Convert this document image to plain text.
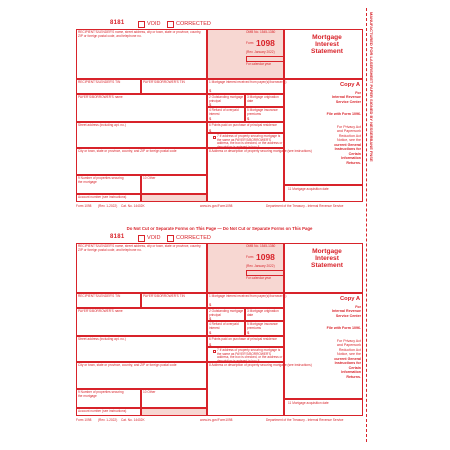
MANUFACTURED FOR LASERSHEET PAPER SIGNED BY NESSERBANE FNSE
Do Not Cut or Separate Forms on This Page — Do Not Cut or Separate Forms on This Page
8181	VOID	CORRECTED
RECIPIENT'S/LENDER'S name, street address, city or town, state or province, country, ZIP or foreign postal code, and telephone no.
OMB No. 1545-1380
Form 1098
(Rev. January 2022)
For calendar year
1 Mortgage interest received from payer(s)/borrower(s)
$
RECIPIENT'S/LENDER'S TIN	PAYER'S/BORROWER'S TIN
2 Outstanding mortgage principal
$
3 Mortgage origination date
PAYER'S/BORROWER'S name
4 Refund of overpaid interest
$
5 Mortgage insurance premiums
$
6 Points paid on purchase of principal residence
$
Street address (including apt. no.)
7 If address of property securing mortgage is the same as PAYER'S/BORROWER'S address, the box is checked, or the address or description is entered in box 8.
City or town, state or province, country, and ZIP or foreign postal code	8 Address or description of property securing mortgage (see instructions)
9 Number of properties securing the mortgage
10 Other
Account number (see instructions)
11 Mortgage acquisition date
Mortgage
Interest
Statement
Copy A
For
Internal Revenue
Service Center
File with Form 1096.
For Privacy Act
and Paperwork
Reduction Act
Notice, see the
current General
Instructions for
Certain
Information
Returns.
Form 1098 (Rev. 1-2022) Cat. No. 14402K	www.irs.gov/Form1098	Department of the Treasury - Internal Revenue Service
8181	VOID	CORRECTED
RECIPIENT'S/LENDER'S name, street address, city or town, state or province, country, ZIP or foreign postal code, and telephone no.
OMB No. 1545-1380
Form 1098
(Rev. January 2022)
For calendar year
1 Mortgage interest received from payer(s)/borrower(s)
$
RECIPIENT'S/LENDER'S TIN	PAYER'S/BORROWER'S TIN
2 Outstanding mortgage principal
$
3 Mortgage origination date
PAYER'S/BORROWER'S name
4 Refund of overpaid interest
$
5 Mortgage insurance premiums
$
6 Points paid on purchase of principal residence
$
Street address (including apt. no.)
7 If address of property securing mortgage is the same as PAYER'S/BORROWER'S address, the box is checked, or the address or description is entered in box 8.
City or town, state or province, country, and ZIP or foreign postal code	8 Address or description of property securing mortgage (see instructions)
9 Number of properties securing the mortgage
10 Other
Account number (see instructions)
11 Mortgage acquisition date
Mortgage
Interest
Statement
Copy A
For
Internal Revenue
Service Center
File with Form 1096.
For Privacy Act
and Paperwork
Reduction Act
Notice, see the
current General
Instructions for
Certain
Information
Returns.
Form 1098 (Rev. 1-2022) Cat. No. 14402K	www.irs.gov/Form1098	Department of the Treasury - Internal Revenue Service
